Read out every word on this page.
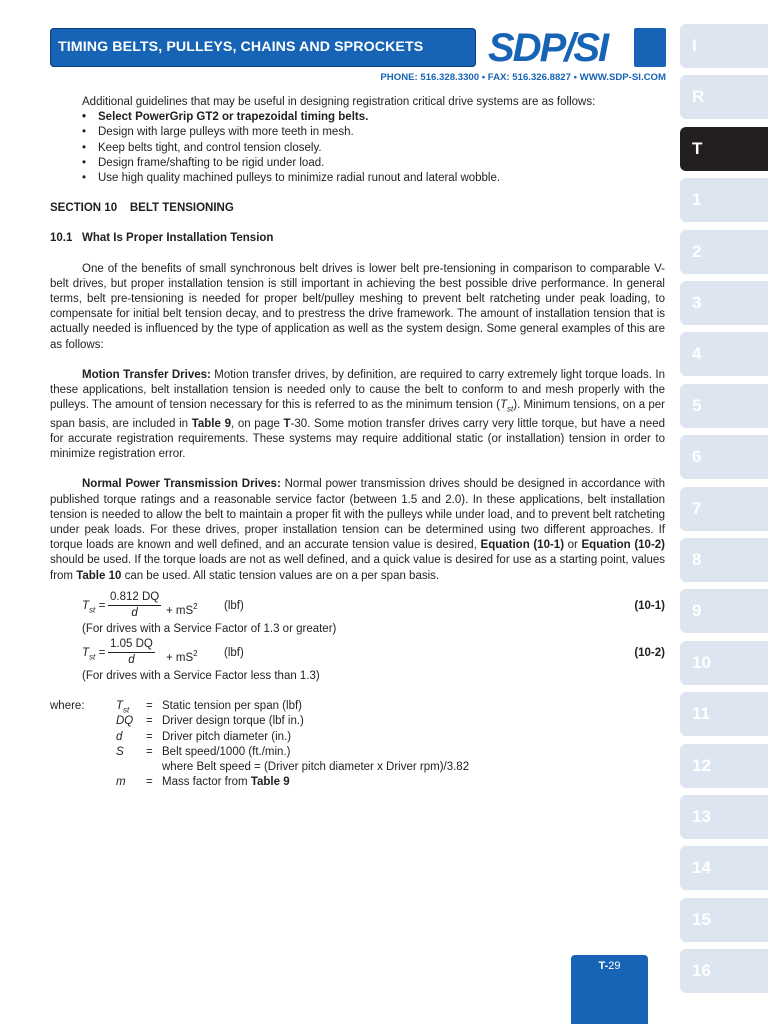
TIMING BELTS, PULLEYS, CHAINS AND SPROCKETS SDP/SI
PHONE: 516.328.3300 • FAX: 516.326.8827 • WWW.SDP-SI.COM
I
R
T
1
2
3
4
5
6
7
8
9
10
11
12
13
14
15
16

Additional guidelines that may be useful in designing registration critical drive systems are as follows:

• Select PowerGrip GT2 or trapezoidal timing belts.
• Design with large pulleys with more teeth in mesh.
• Keep belts tight, and control tension closely.
• Design frame/shafting to be rigid under load.
• Use high quality machined pulleys to minimize radial runout and lateral wobble.

SECTION 10    BELT TENSIONING

10.1   What Is Proper Installation Tension

One of the benefits of small synchronous belt drives is lower belt pre-tensioning in comparison to comparable V-belt drives, but proper installation tension is still important in achieving the best possible drive performance. In general terms, belt pre-tensioning is needed for proper belt/pulley meshing to prevent belt ratcheting under peak loading, to compensate for initial belt tension decay, and to prestress the drive framework. The amount of installation tension that is actually needed is influenced by the type of application as well as the system design. Some general examples of this are as follows:

Motion Transfer Drives: Motion transfer drives, by definition, are required to carry extremely light torque loads. In these applications, belt installation tension is needed only to cause the belt to conform to and mesh properly with the pulleys. The amount of tension necessary for this is referred to as the minimum tension $(T_{st})$. Minimum tensions, on a per span basis, are included in Table 9, on page T-30. Some motion transfer drives carry very little torque, but have a need for accurate registration requirements. These systems may require additional static (or installation) tension in order to minimize registration error.

Normal Power Transmission Drives: Normal power transmission drives should be designed in accordance with published torque ratings and a reasonable service factor (between 1.5 and 2.0). In these applications, belt installation tension is needed to allow the belt to maintain a proper fit with the pulleys while under load, and to prevent belt ratcheting under peak loads. For these drives, proper installation tension can be determined using two different approaches. If torque loads are known and well defined, and an accurate tension value is desired, Equation (10-1) or Equation (10-2) should be used. If the torque loads are not as well defined, and a quick value is desired for use as a starting point, values from Table 10 can be used. All static tension values are on a per span basis.

$T_{st} = \frac{0.812 DQ}{d} + mS^2$ (lbf)	(10-1)

(For drives with a Service Factor of 1.3 or greater)

$T_{st} = \frac{1.05 DQ}{d} + mS^2$ (lbf)	(10-2)

(For drives with a Service Factor less than 1.3)

where:	$T_{st}$ = Static tension per span (lbf)
DQ = Driver design torque (lbf in.)
d = Driver pitch diameter (in.)
S = Belt speed/1000 (ft./min.)
where Belt speed = (Driver pitch diameter x Driver rpm)/3.82
m = Mass factor from Table 9
T-29
